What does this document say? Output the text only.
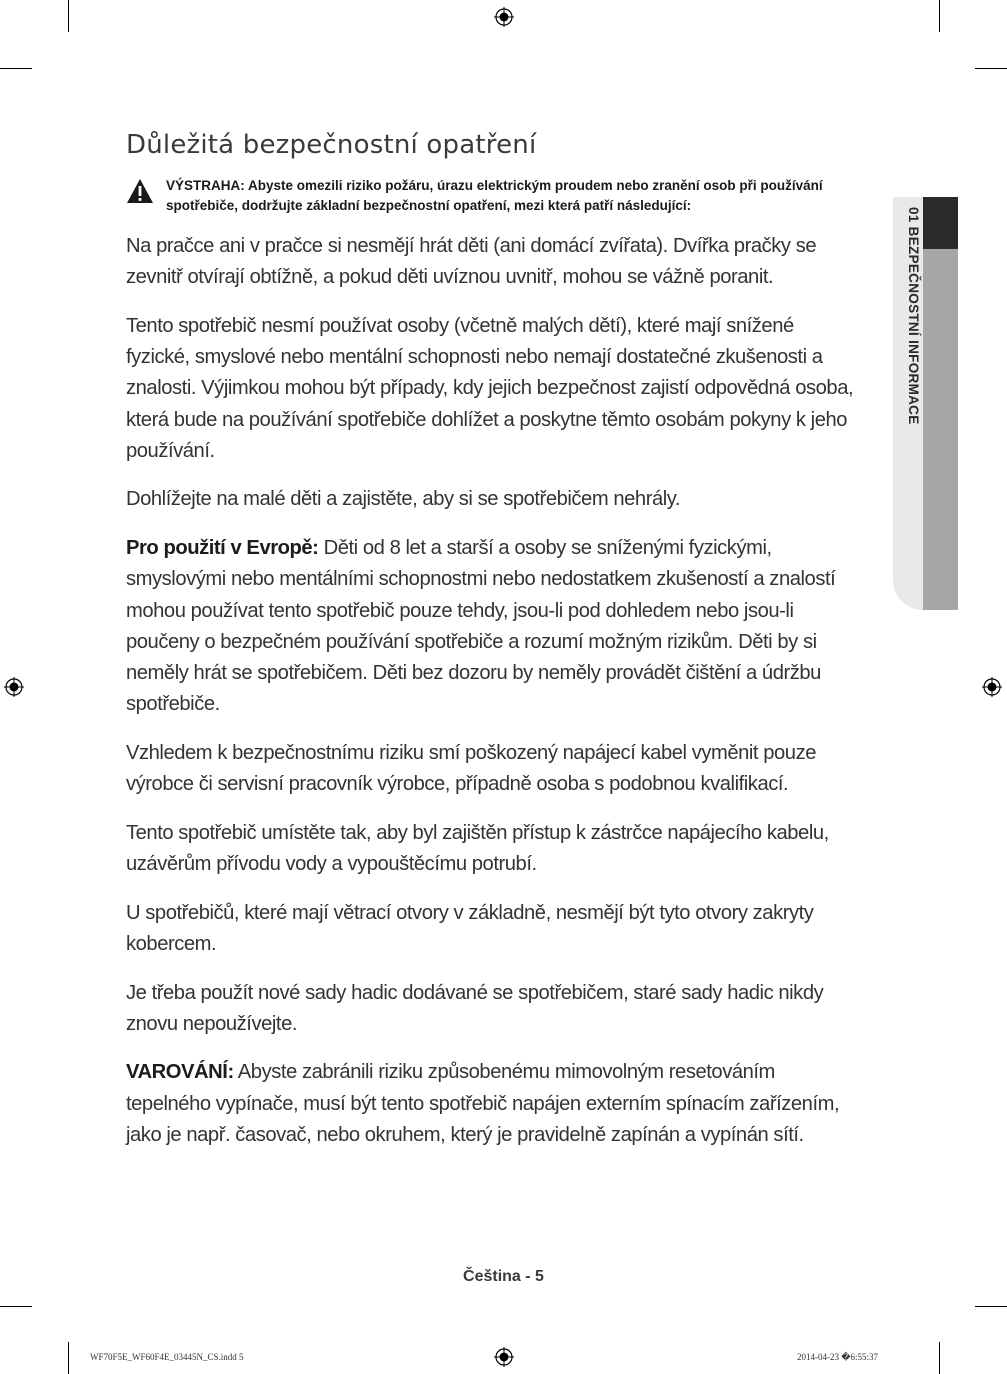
Důležitá bezpečnostní opatření
VÝSTRAHA: Abyste omezili riziko požáru, úrazu elektrickým proudem nebo zranění osob při používání spotřebiče, dodržujte základní bezpečnostní opatření, mezi která patří následující:

Na pračce ani v pračce si nesmějí hrát děti (ani domácí zvířata). Dvířka pračky se zevnitř otvírají obtížně, a pokud děti uvíznou uvnitř, mohou se vážně poranit.

Tento spotřebič nesmí používat osoby (včetně malých dětí), které mají snížené fyzické, smyslové nebo mentální schopnosti nebo nemají dostatečné zkušenosti a znalosti. Výjimkou mohou být případy, kdy jejich bezpečnost zajistí odpovědná osoba, která bude na používání spotřebiče dohlížet a poskytne těmto osobám pokyny k jeho používání.

Dohlížejte na malé děti a zajistěte, aby si se spotřebičem nehrály.

Pro použití v Evropě: Děti od 8 let a starší a osoby se sníženými fyzickými, smyslovými nebo mentálními schopnostmi nebo nedostatkem zkušeností a znalostí mohou používat tento spotřebič pouze tehdy, jsou-li pod dohledem nebo jsou-li poučeny o bezpečném používání spotřebiče a rozumí možným rizikům. Děti by si neměly hrát se spotřebičem. Děti bez dozoru by neměly provádět čištění a údržbu spotřebiče.

Vzhledem k bezpečnostnímu riziku smí poškozený napájecí kabel vyměnit pouze výrobce či servisní pracovník výrobce, případně osoba s podobnou kvalifikací.

Tento spotřebič umístěte tak, aby byl zajištěn přístup k zástrčce napájecího kabelu, uzávěrům přívodu vody a vypouštěcímu potrubí.

U spotřebičů, které mají větrací otvory v základně, nesmějí být tyto otvory zakryty kobercem.

Je třeba použít nové sady hadic dodávané se spotřebičem, staré sady hadic nikdy znovu nepoužívejte.

VAROVÁNÍ: Abyste zabránili riziku způsobenému mimovolným resetováním tepelného vypínače, musí být tento spotřebič napájen externím spínacím zařízením, jako je např. časovač, nebo okruhem, který je pravidelně zapínán a vypínán sítí.

01 BEZPEČNOSTNÍ INFORMACE
Čeština - 5
WF70F5E_WF60F4E_03445N_CS.indd 5	2014-04-23 �6:55:37
